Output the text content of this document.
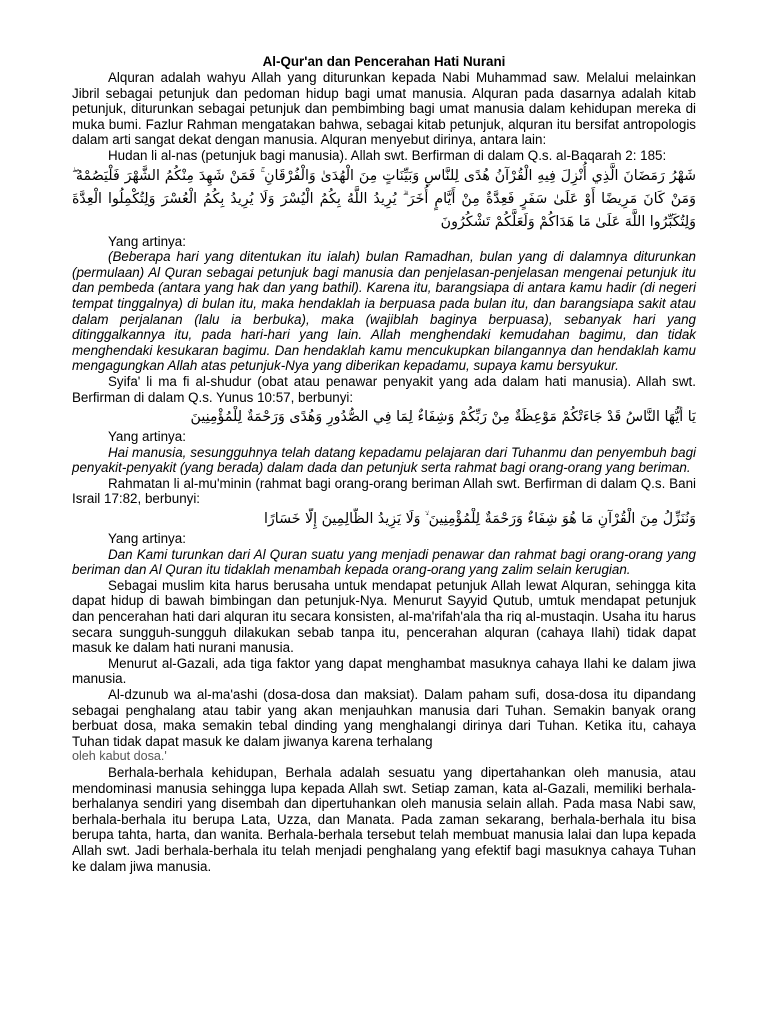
Al-Qur'an dan Pencerahan Hati Nurani

Alquran adalah wahyu Allah yang diturunkan kepada Nabi Muhammad saw. Melalui melainkan Jibril sebagai petunjuk dan pedoman hidup bagi umat manusia. Alquran pada dasarnya adalah kitab petunjuk, diturunkan sebagai petunjuk dan pembimbing bagi umat manusia dalam kehidupan mereka di muka bumi. Fazlur Rahman mengatakan bahwa, sebagai kitab petunjuk, alquran itu bersifat antropologis dalam arti sangat dekat dengan manusia. Alquran menyebut dirinya, antara lain:

Hudan li al-nas (petunjuk bagi manusia). Allah swt. Berfirman di dalam Q.s. al-Baqarah 2: 185:

شَهْرُ رَمَضَانَ الَّذِي أُنْزِلَ فِيهِ الْقُرْآنُ هُدًى لِلنَّاسِ وَبَيِّنَاتٍ مِنَ الْهُدَىٰ وَالْفُرْقَانِ ۚ فَمَنْ شَهِدَ مِنْكُمُ الشَّهْرَ فَلْيَصُمْهُ ۖ وَمَنْ كَانَ مَرِيضًا أَوْ عَلَىٰ سَفَرٍ فَعِدَّةٌ مِنْ أَيَّامٍ أُخَرَ ۗ يُرِيدُ اللَّهُ بِكُمُ الْيُسْرَ وَلَا يُرِيدُ بِكُمُ الْعُسْرَ وَلِتُكْمِلُوا الْعِدَّةَ وَلِتُكَبِّرُوا اللَّهَ عَلَىٰ مَا هَدَاكُمْ وَلَعَلَّكُمْ تَشْكُرُونَ

Yang artinya:

(Beberapa hari yang ditentukan itu ialah) bulan Ramadhan, bulan yang di dalamnya diturunkan (permulaan) Al Quran sebagai petunjuk bagi manusia dan penjelasan-penjelasan mengenai petunjuk itu dan pembeda (antara yang hak dan yang bathil). Karena itu, barangsiapa di antara kamu hadir (di negeri tempat tinggalnya) di bulan itu, maka hendaklah ia berpuasa pada bulan itu, dan barangsiapa sakit atau dalam perjalanan (lalu ia berbuka), maka (wajiblah baginya berpuasa), sebanyak hari yang ditinggalkannya itu, pada hari-hari yang lain. Allah menghendaki kemudahan bagimu, dan tidak menghendaki kesukaran bagimu. Dan hendaklah kamu mencukupkan bilangannya dan hendaklah kamu mengagungkan Allah atas petunjuk-Nya yang diberikan kepadamu, supaya kamu bersyukur.

Syifa' li ma fi al-shudur (obat atau penawar penyakit yang ada dalam hati manusia). Allah swt. Berfirman di dalam Q.s. Yunus 10:57, berbunyi:

يَا أَيُّهَا النَّاسُ قَدْ جَاءَتْكُمْ مَوْعِظَةٌ مِنْ رَبِّكُمْ وَشِفَاءٌ لِمَا فِي الصُّدُورِ وَهُدًى وَرَحْمَةٌ لِلْمُؤْمِنِينَ

Yang artinya:

Hai manusia, sesungguhnya telah datang kepadamu pelajaran dari Tuhanmu dan penyembuh bagi penyakit-penyakit (yang berada) dalam dada dan petunjuk serta rahmat bagi orang-orang yang beriman.

Rahmatan li al-mu'minin (rahmat bagi orang-orang beriman Allah swt. Berfirman di dalam Q.s. Bani Israil 17:82, berbunyi:

وَنُنَزِّلُ مِنَ الْقُرْآنِ مَا هُوَ شِفَاءٌ وَرَحْمَةٌ لِلْمُؤْمِنِينَ ۙ وَلَا يَزِيدُ الظَّالِمِينَ إِلَّا خَسَارًا

Yang artinya:

Dan Kami turunkan dari Al Quran suatu yang menjadi penawar dan rahmat bagi orang-orang yang beriman dan Al Quran itu tidaklah menambah kepada orang-orang yang zalim selain kerugian.

Sebagai muslim kita harus berusaha untuk mendapat petunjuk Allah lewat Alquran, sehingga kita dapat hidup di bawah bimbingan dan petunjuk-Nya. Menurut Sayyid Qutub, umtuk mendapat petunjuk dan pencerahan hati dari alquran itu secara konsisten, al-ma'rifah'ala tha riq al-mustaqin. Usaha itu harus secara sungguh-sungguh dilakukan sebab tanpa itu, pencerahan alquran (cahaya Ilahi) tidak dapat masuk ke dalam hati nurani manusia.

Menurut al-Gazali, ada tiga faktor yang dapat menghambat masuknya cahaya Ilahi ke dalam jiwa manusia.

Al-dzunub wa al-ma'ashi (dosa-dosa dan maksiat). Dalam paham sufi, dosa-dosa itu dipandang sebagai penghalang atau tabir yang akan menjauhkan manusia dari Tuhan. Semakin banyak orang berbuat dosa, maka semakin tebal dinding yang menghalangi dirinya dari Tuhan. Ketika itu, cahaya Tuhan tidak dapat masuk ke dalam jiwanya karena terhalang

oleh kabut dosa.'

Berhala-berhala kehidupan, Berhala adalah sesuatu yang dipertahankan oleh manusia, atau mendominasi manusia sehingga lupa kepada Allah swt. Setiap zaman, kata al-Gazali, memiliki berhala-berhalanya sendiri yang disembah dan dipertuhankan oleh manusia selain allah. Pada masa Nabi saw, berhala-berhala itu berupa Lata, Uzza, dan Manata. Pada zaman sekarang, berhala-berhala itu bisa berupa tahta, harta, dan wanita. Berhala-berhala tersebut telah membuat manusia lalai dan lupa kepada Allah swt. Jadi berhala-berhala itu telah menjadi penghalang yang efektif bagi masuknya cahaya Tuhan ke dalam jiwa manusia.
